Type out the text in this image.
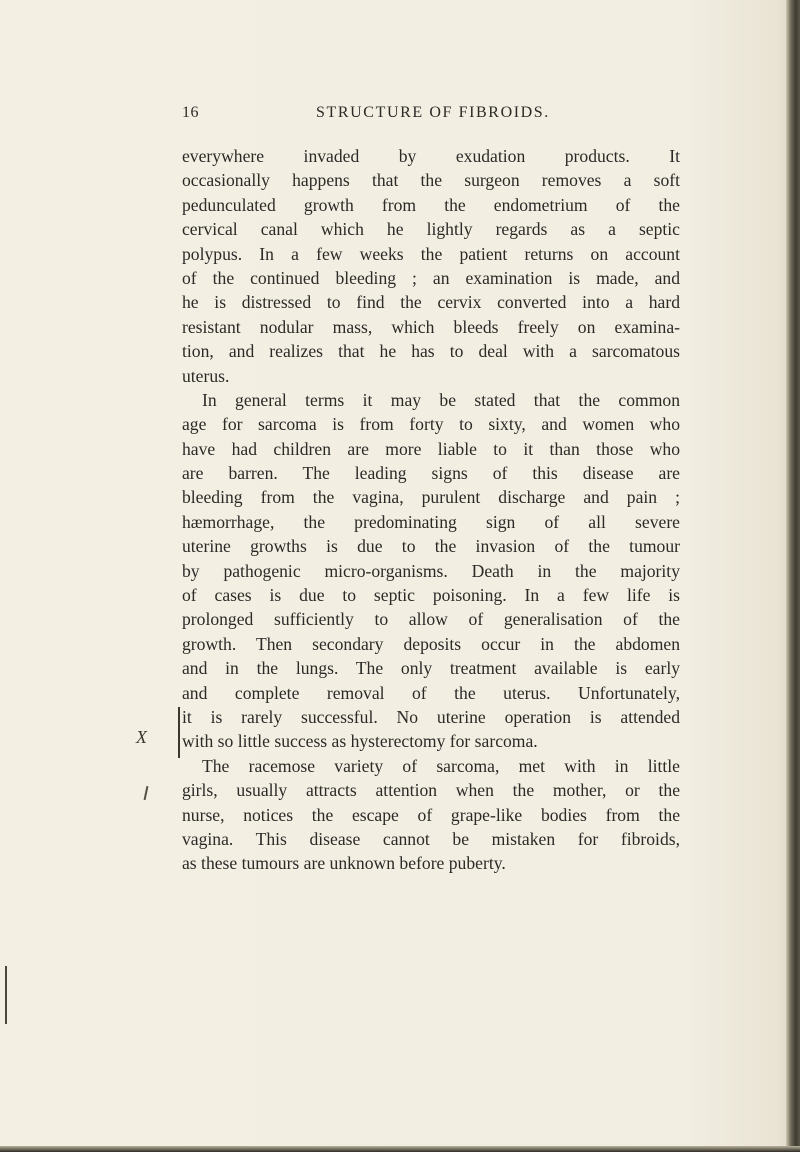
16	STRUCTURE OF FIBROIDS.
everywhere invaded by exudation products. It
occasionally happens that the surgeon removes a soft
pedunculated growth from the endometrium of the
cervical canal which he lightly regards as a septic
polypus. In a few weeks the patient returns on account
of the continued bleeding ; an examination is made, and
he is distressed to find the cervix converted into a hard
resistant nodular mass, which bleeds freely on examina-
tion, and realizes that he has to deal with a sarcomatous
uterus.
In general terms it may be stated that the common
age for sarcoma is from forty to sixty, and women who
have had children are more liable to it than those who
are barren. The leading signs of this disease are
bleeding from the vagina, purulent discharge and pain ;
hæmorrhage, the predominating sign of all severe
uterine growths is due to the invasion of the tumour
by pathogenic micro-organisms. Death in the majority
of cases is due to septic poisoning. In a few life is
prolonged sufficiently to allow of generalisation of the
growth. Then secondary deposits occur in the abdomen
and in the lungs. The only treatment available is early
and complete removal of the uterus. Unfortunately,
it is rarely successful. No uterine operation is attended
with so little success as hysterectomy for sarcoma.
The racemose variety of sarcoma, met with in little
girls, usually attracts attention when the mother, or the
nurse, notices the escape of grape-like bodies from the
vagina. This disease cannot be mistaken for fibroids,
as these tumours are unknown before puberty.
X
